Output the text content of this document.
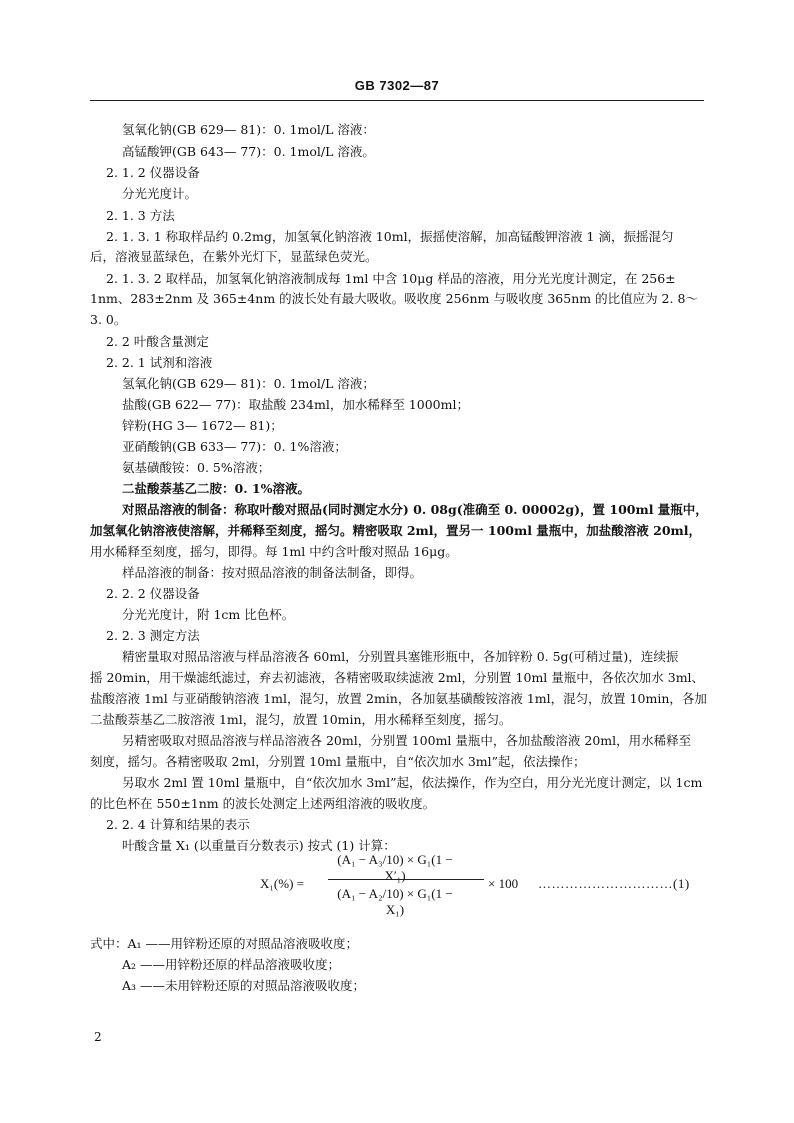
GB 7302—87
氢氧化钠(GB 629— 81)：0. 1mol/L 溶液：
高锰酸钾(GB 643— 77)：0. 1mol/L 溶液。
2. 1. 2 仪器设备
分光光度计。
2. 1. 3 方法
2. 1. 3. 1 称取样品约 0.2mg，加氢氧化钠溶液 10ml，振摇使溶解，加高锰酸钾溶液 1 滴，振摇混匀
后，溶液显蓝绿色，在紫外光灯下，显蓝绿色荧光。
2. 1. 3. 2 取样品，加氢氧化钠溶液制成每 1ml 中含 10μg 样品的溶液，用分光光度计测定，在 256±
1nm、283±2nm 及 365±4nm 的波长处有最大吸收。吸收度 256nm 与吸收度 365nm 的比值应为 2. 8～
3. 0。
2. 2 叶酸含量测定
2. 2. 1 试剂和溶液
氢氧化钠(GB 629— 81)：0. 1mol/L 溶液；
盐酸(GB 622— 77)：取盐酸 234ml，加水稀释至 1000ml；
锌粉(HG 3— 1672— 81)；
亚硝酸钠(GB 633— 77)：0. 1%溶液；
氨基磺酸铵：0. 5%溶液；
二盐酸萘基乙二胺：0. 1%溶液。
对照品溶液的制备：称取叶酸对照品(同时测定水分) 0. 08g(准确至 0. 00002g)，置 100ml 量瓶中，
加氢氧化钠溶液使溶解，并稀释至刻度，摇匀。精密吸取 2ml，置另一 100ml 量瓶中，加盐酸溶液 20ml，
用水稀释至刻度，摇匀，即得。每 1ml 中约含叶酸对照品 16μg。
样品溶液的制备：按对照品溶液的制备法制备，即得。
2. 2. 2 仪器设备
分光光度计，附 1cm 比色杯。
2. 2. 3 测定方法
精密量取对照品溶液与样品溶液各 60ml，分别置具塞锥形瓶中，各加锌粉 0. 5g(可稍过量)，连续振
摇 20min，用干燥滤纸滤过，弃去初滤液，各精密吸取续滤液 2ml，分别置 10ml 量瓶中，各依次加水 3ml、
盐酸溶液 1ml 与亚硝酸钠溶液 1ml，混匀，放置 2min，各加氨基磺酸铵溶液 1ml，混匀，放置 10min，各加
二盐酸萘基乙二胺溶液 1ml，混匀，放置 10min，用水稀释至刻度，摇匀。
另精密吸取对照品溶液与样品溶液各 20ml，分别置 100ml 量瓶中，各加盐酸溶液 20ml，用水稀释至
刻度，摇匀。各精密吸取 2ml，分别置 10ml 量瓶中，自“依次加水 3ml”起，依法操作；
另取水 2ml 置 10ml 量瓶中，自“依次加水 3ml”起，依法操作，作为空白，用分光光度计测定，以 1cm
的比色杯在 550±1nm 的波长处测定上述两组溶液的吸收度。
2. 2. 4 计算和结果的表示
叶酸含量 X₁ (以重量百分数表示) 按式 (1) 计算：
X₁(%) =
(A₁ − A₃/10) × G₁(1 − X′₁)
(A₁ − A₂/10) × G₁(1 − X₁)
× 100 …………………………(1)
式中：A₁ ——用锌粉还原的对照品溶液吸收度；
A₂ ——用锌粉还原的样品溶液吸收度；
A₃ ——未用锌粉还原的对照品溶液吸收度；
2
